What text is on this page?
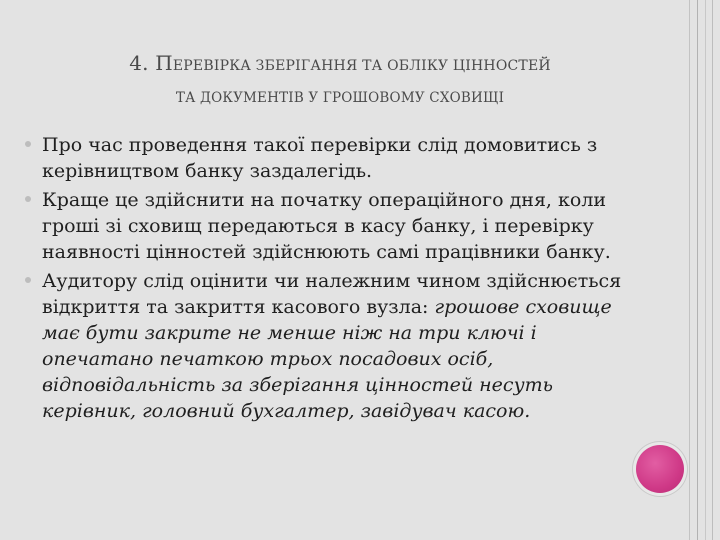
4. ПЕРЕВІРКА ЗБЕРІГАННЯ ТА ОБЛІКУ ЦІННОСТЕЙ
ТА ДОКУМЕНТІВ У ГРОШОВОМУ СХОВИЩІ

Про час проведення такої перевірки слід домовитись з керівництвом банку заздалегідь.

Краще це здійснити на початку операційного дня, коли гроші зі сховищ передаються в касу банку, і перевірку наявності цінностей здійснюють самі працівники банку.

Аудитору слід оцінити чи належним чином здійснюється відкриття та закриття касового вузла: грошове сховище має бути закрите не менше ніж на три ключі і опечатано печаткою трьох посадових осіб, відповідальність за зберігання цінностей несуть керівник, головний бухгалтер, завідувач касою.
